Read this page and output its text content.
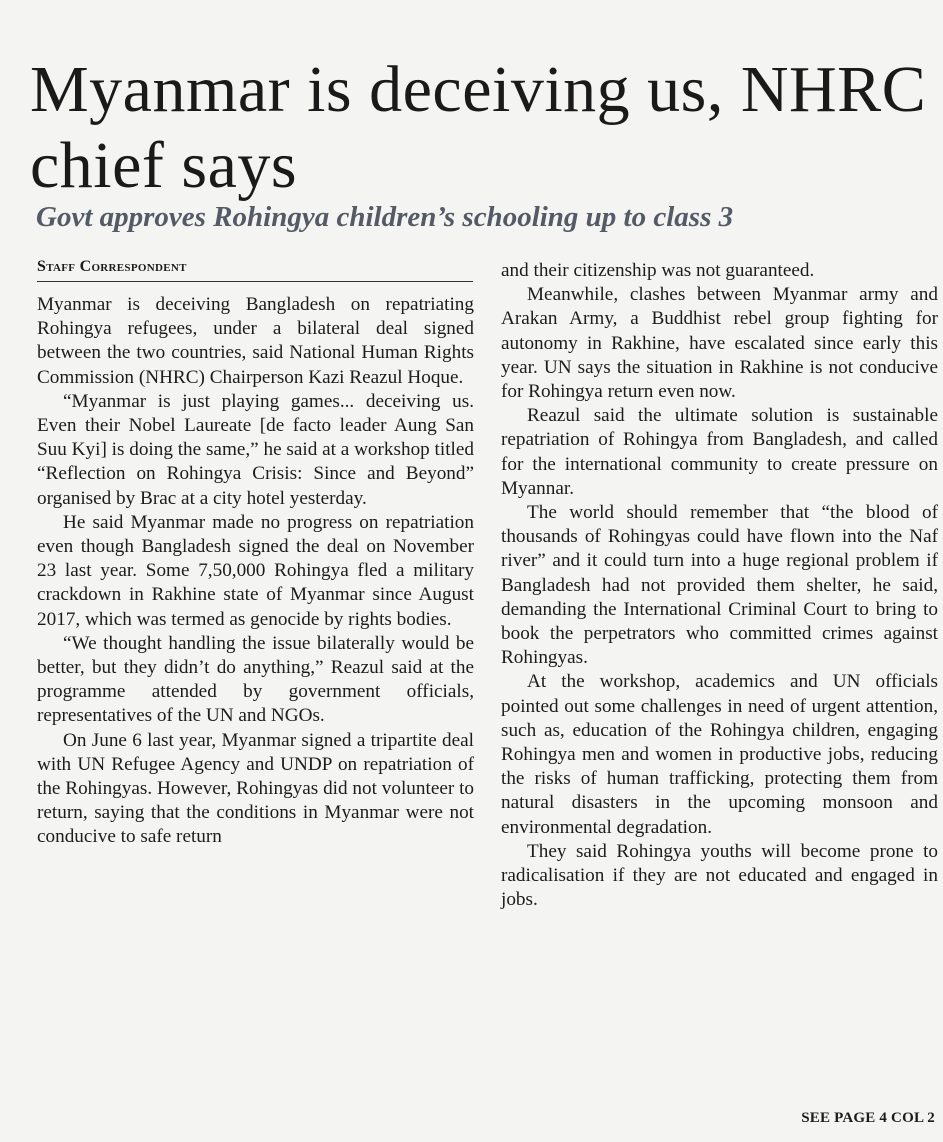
Myanmar is deceiving us, NHRC chief says
Govt approves Rohingya children’s schooling up to class 3
Staff Correspondent

Myanmar is deceiving Bangladesh on repatriating Rohingya refugees, under a bilateral deal signed between the two countries, said National Human Rights Commission (NHRC) Chairperson Kazi Reazul Hoque.

“Myanmar is just playing games... deceiving us. Even their Nobel Laureate [de facto leader Aung San Suu Kyi] is doing the same,” he said at a workshop titled “Reflection on Rohingya Crisis: Since and Beyond” organised by Brac at a city hotel yesterday.

He said Myanmar made no progress on repatriation even though Bangladesh signed the deal on November 23 last year. Some 7,50,000 Rohingya fled a military crackdown in Rakhine state of Myanmar since August 2017, which was termed as genocide by rights bodies.

“We thought handling the issue bilaterally would be better, but they didn’t do anything,” Reazul said at the programme attended by government officials, representatives of the UN and NGOs.

On June 6 last year, Myanmar signed a tripartite deal with UN Refugee Agency and UNDP on repatriation of the Rohingyas. However, Rohingyas did not volunteer to return, saying that the conditions in Myanmar were not conducive to safe return

and their citizenship was not guaranteed.

Meanwhile, clashes between Myanmar army and Arakan Army, a Buddhist rebel group fighting for autonomy in Rakhine, have escalated since early this year. UN says the situation in Rakhine is not conducive for Rohingya return even now.

Reazul said the ultimate solution is sustainable repatriation of Rohingya from Bangladesh, and called for the international community to create pressure on Myannar.

The world should remember that “the blood of thousands of Rohingyas could have flown into the Naf river” and it could turn into a huge regional problem if Bangladesh had not provided them shelter, he said, demanding the International Criminal Court to bring to book the perpetrators who committed crimes against Rohingyas.

At the workshop, academics and UN officials pointed out some challenges in need of urgent attention, such as, education of the Rohingya children, engaging Rohingya men and women in productive jobs, reducing the risks of human trafficking, protecting them from natural disasters in the upcoming monsoon and environmental degradation.

They said Rohingya youths will become prone to radicalisation if they are not educated and engaged in jobs.

SEE PAGE 4 COL 2
